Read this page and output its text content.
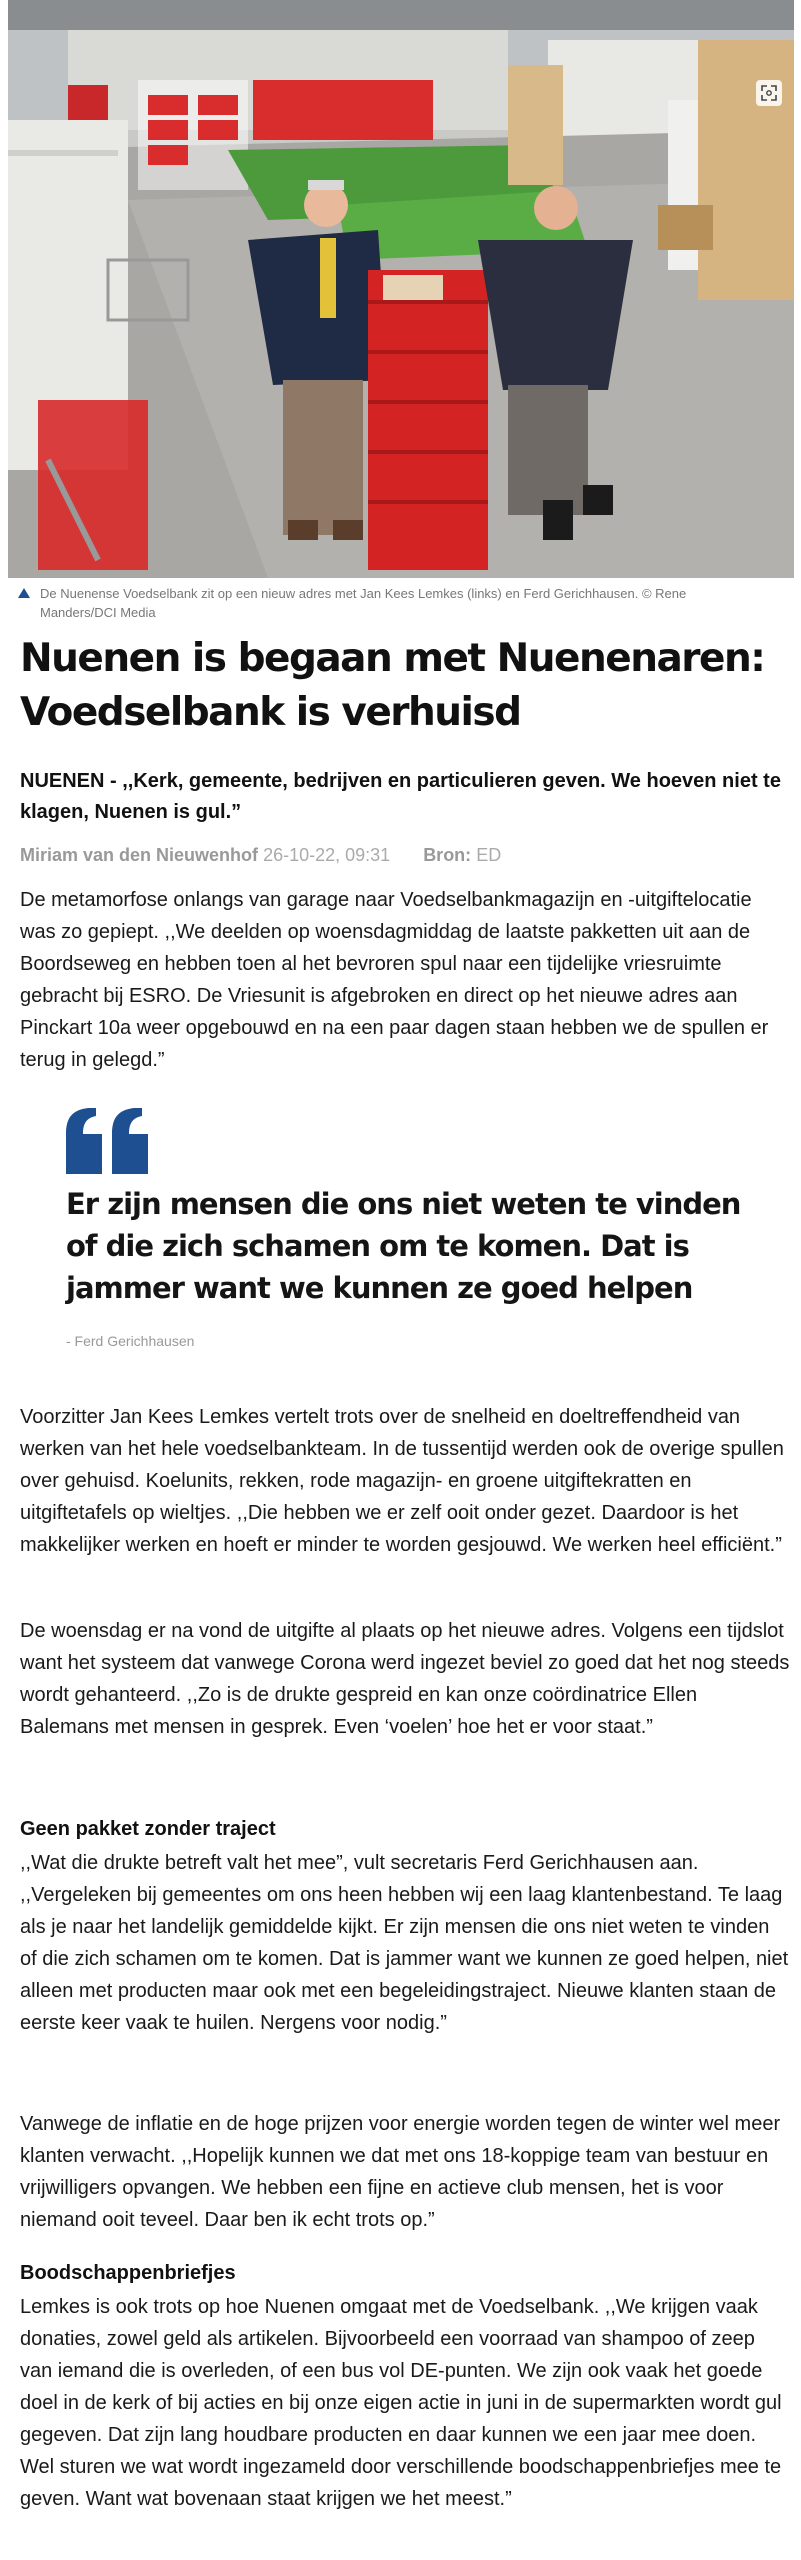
De Nuenense Voedselbank zit op een nieuw adres met Jan Kees Lemkes (links) en Ferd Gerichhausen. © Rene Manders/DCI Media
Nuenen is begaan met Nuenenaren: Voedselbank is verhuisd

NUENEN - ,,Kerk, gemeente, bedrijven en particulieren geven. We hoeven niet te klagen, Nuenen is gul.”

Miriam van den Nieuwenhof 26-10-22, 09:31 Bron: ED

De metamorfose onlangs van garage naar Voedselbankmagazijn en -uitgiftelocatie was zo gepiept. ,,We deelden op woensdagmiddag de laatste pakketten uit aan de Boordseweg en hebben toen al het bevroren spul naar een tijdelijke vriesruimte gebracht bij ESRO. De Vriesunit is afgebroken en direct op het nieuwe adres aan Pinckart 10a weer opgebouwd en na een paar dagen staan hebben we de spullen er terug in gelegd.”

Er zijn mensen die ons niet weten te vinden of die zich schamen om te komen. Dat is jammer want we kunnen ze goed helpen

- Ferd Gerichhausen

Voorzitter Jan Kees Lemkes vertelt trots over de snelheid en doeltreffendheid van werken van het hele voedselbankteam. In de tussentijd werden ook de overige spullen over gehuisd. Koelunits, rekken, rode magazijn- en groene uitgiftekratten en uitgiftetafels op wieltjes. ,,Die hebben we er zelf ooit onder gezet. Daardoor is het makkelijker werken en hoeft er minder te worden gesjouwd. We werken heel efficiënt.”

De woensdag er na vond de uitgifte al plaats op het nieuwe adres. Volgens een tijdslot want het systeem dat vanwege Corona werd ingezet beviel zo goed dat het nog steeds wordt gehanteerd. ,,Zo is de drukte gespreid en kan onze coördinatrice Ellen Balemans met mensen in gesprek. Even ‘voelen’ hoe het er voor staat.”

Geen pakket zonder traject

,,Wat die drukte betreft valt het mee”, vult secretaris Ferd Gerichhausen aan. ,,Vergeleken bij gemeentes om ons heen hebben wij een laag klantenbestand. Te laag als je naar het landelijk gemiddelde kijkt. Er zijn mensen die ons niet weten te vinden of die zich schamen om te komen. Dat is jammer want we kunnen ze goed helpen, niet alleen met producten maar ook met een begeleidingstraject. Nieuwe klanten staan de eerste keer vaak te huilen. Nergens voor nodig.”

Vanwege de inflatie en de hoge prijzen voor energie worden tegen de winter wel meer klanten verwacht. ,,Hopelijk kunnen we dat met ons 18-koppige team van bestuur en vrijwilligers opvangen. We hebben een fijne en actieve club mensen, het is voor niemand ooit teveel. Daar ben ik echt trots op.”

Boodschappenbriefjes

Lemkes is ook trots op hoe Nuenen omgaat met de Voedselbank. ,,We krijgen vaak donaties, zowel geld als artikelen. Bijvoorbeeld een voorraad van shampoo of zeep van iemand die is overleden, of een bus vol DE-punten. We zijn ook vaak het goede doel in de kerk of bij acties en bij onze eigen actie in juni in de supermarkten wordt gul gegeven. Dat zijn lang houdbare producten en daar kunnen we een jaar mee doen. Wel sturen we wat wordt ingezameld door verschillende boodschappenbriefjes mee te geven. Want wat bovenaan staat krijgen we het meest.”
